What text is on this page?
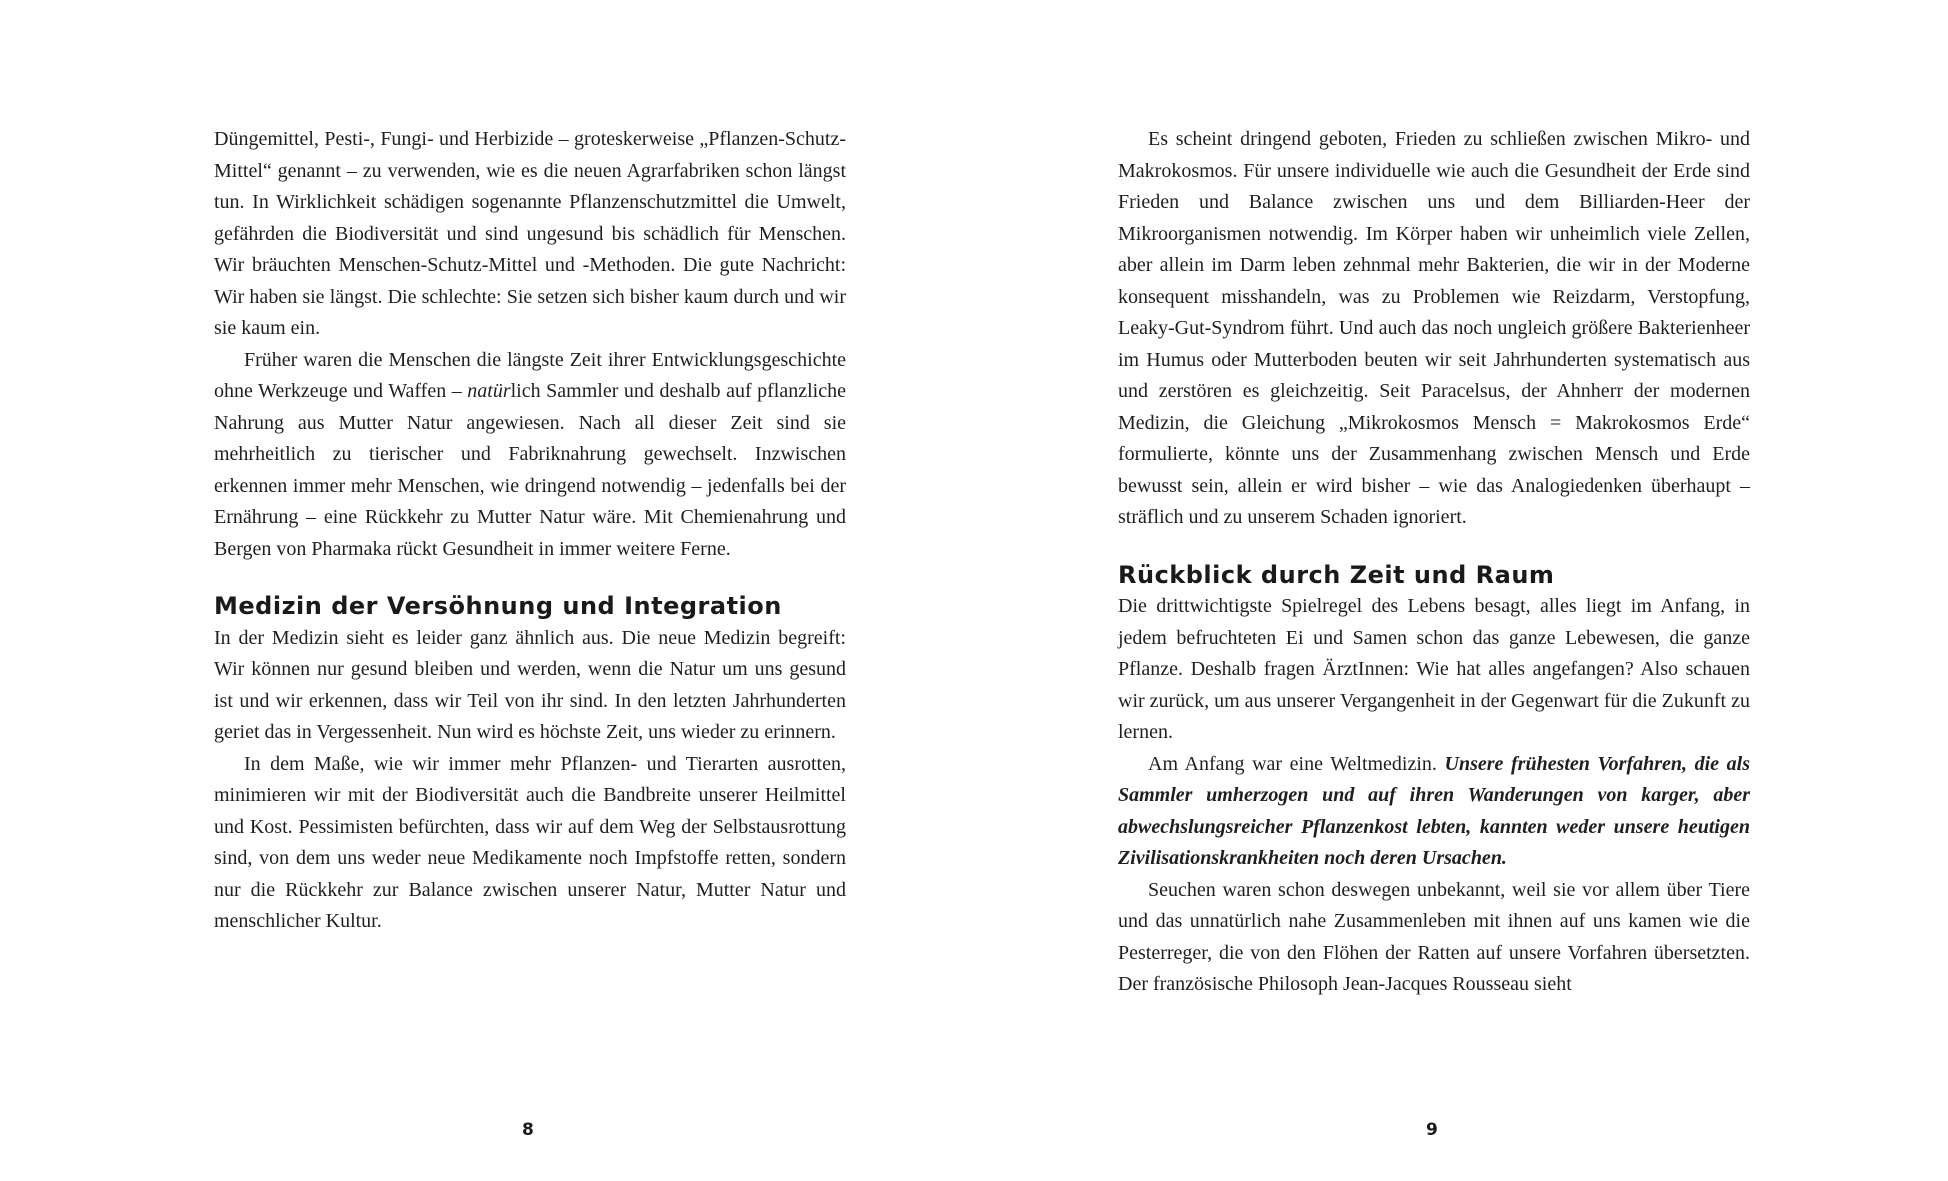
Düngemittel, Pesti-, Fungi- und Herbizide – groteskerweise „Pflanzen-Schutz-Mittel“ genannt – zu verwenden, wie es die neuen Agrarfabriken schon längst tun. In Wirklichkeit schädigen sogenannte Pflanzenschutzmittel die Umwelt, gefährden die Biodiversität und sind ungesund bis schädlich für Menschen. Wir bräuchten Menschen-Schutz-Mittel und -Methoden. Die gute Nachricht: Wir haben sie längst. Die schlechte: Sie setzen sich bisher kaum durch und wir sie kaum ein.

Früher waren die Menschen die längste Zeit ihrer Entwicklungsgeschichte ohne Werkzeuge und Waffen – natürlich Sammler und deshalb auf pflanzliche Nahrung aus Mutter Natur angewiesen. Nach all dieser Zeit sind sie mehrheitlich zu tierischer und Fabriknahrung gewechselt. Inzwischen erkennen immer mehr Menschen, wie dringend notwendig – jedenfalls bei der Ernährung – eine Rückkehr zu Mutter Natur wäre. Mit Chemienahrung und Bergen von Pharmaka rückt Gesundheit in immer weitere Ferne.

Medizin der Versöhnung und Integration

In der Medizin sieht es leider ganz ähnlich aus. Die neue Medizin begreift: Wir können nur gesund bleiben und werden, wenn die Natur um uns gesund ist und wir erkennen, dass wir Teil von ihr sind. In den letzten Jahrhunderten geriet das in Vergessenheit. Nun wird es höchste Zeit, uns wieder zu erinnern.

In dem Maße, wie wir immer mehr Pflanzen- und Tierarten ausrotten, minimieren wir mit der Biodiversität auch die Bandbreite unserer Heilmittel und Kost. Pessimisten befürchten, dass wir auf dem Weg der Selbstausrottung sind, von dem uns weder neue Medikamente noch Impfstoffe retten, sondern nur die Rückkehr zur Balance zwischen unserer Natur, Mutter Natur und menschlicher Kultur.

8

Es scheint dringend geboten, Frieden zu schließen zwischen Mikro- und Makrokosmos. Für unsere individuelle wie auch die Gesundheit der Erde sind Frieden und Balance zwischen uns und dem Billiarden-Heer der Mikroorganismen notwendig. Im Körper haben wir unheimlich viele Zellen, aber allein im Darm leben zehnmal mehr Bakterien, die wir in der Moderne konsequent misshandeln, was zu Problemen wie Reizdarm, Verstopfung, Leaky-Gut-Syndrom führt. Und auch das noch ungleich größere Bakterienheer im Humus oder Mutterboden beuten wir seit Jahrhunderten systematisch aus und zerstören es gleichzeitig. Seit Paracelsus, der Ahnherr der modernen Medizin, die Gleichung „Mikrokosmos Mensch = Makrokosmos Erde“ formulierte, könnte uns der Zusammenhang zwischen Mensch und Erde bewusst sein, allein er wird bisher – wie das Analogiedenken überhaupt – sträflich und zu unserem Schaden ignoriert.

Rückblick durch Zeit und Raum

Die drittwichtigste Spielregel des Lebens besagt, alles liegt im Anfang, in jedem befruchteten Ei und Samen schon das ganze Lebewesen, die ganze Pflanze. Deshalb fragen ÄrztInnen: Wie hat alles angefangen? Also schauen wir zurück, um aus unserer Vergangenheit in der Gegenwart für die Zukunft zu lernen.

Am Anfang war eine Weltmedizin. Unsere frühesten Vorfahren, die als Sammler umherzogen und auf ihren Wanderungen von karger, aber abwechslungsreicher Pflanzenkost lebten, kannten weder unsere heutigen Zivilisationskrankheiten noch deren Ursachen.

Seuchen waren schon deswegen unbekannt, weil sie vor allem über Tiere und das unnatürlich nahe Zusammenleben mit ihnen auf uns kamen wie die Pesterreger, die von den Flöhen der Ratten auf unsere Vorfahren übersetzten. Der französische Philosoph Jean-Jacques Rousseau sieht

9
